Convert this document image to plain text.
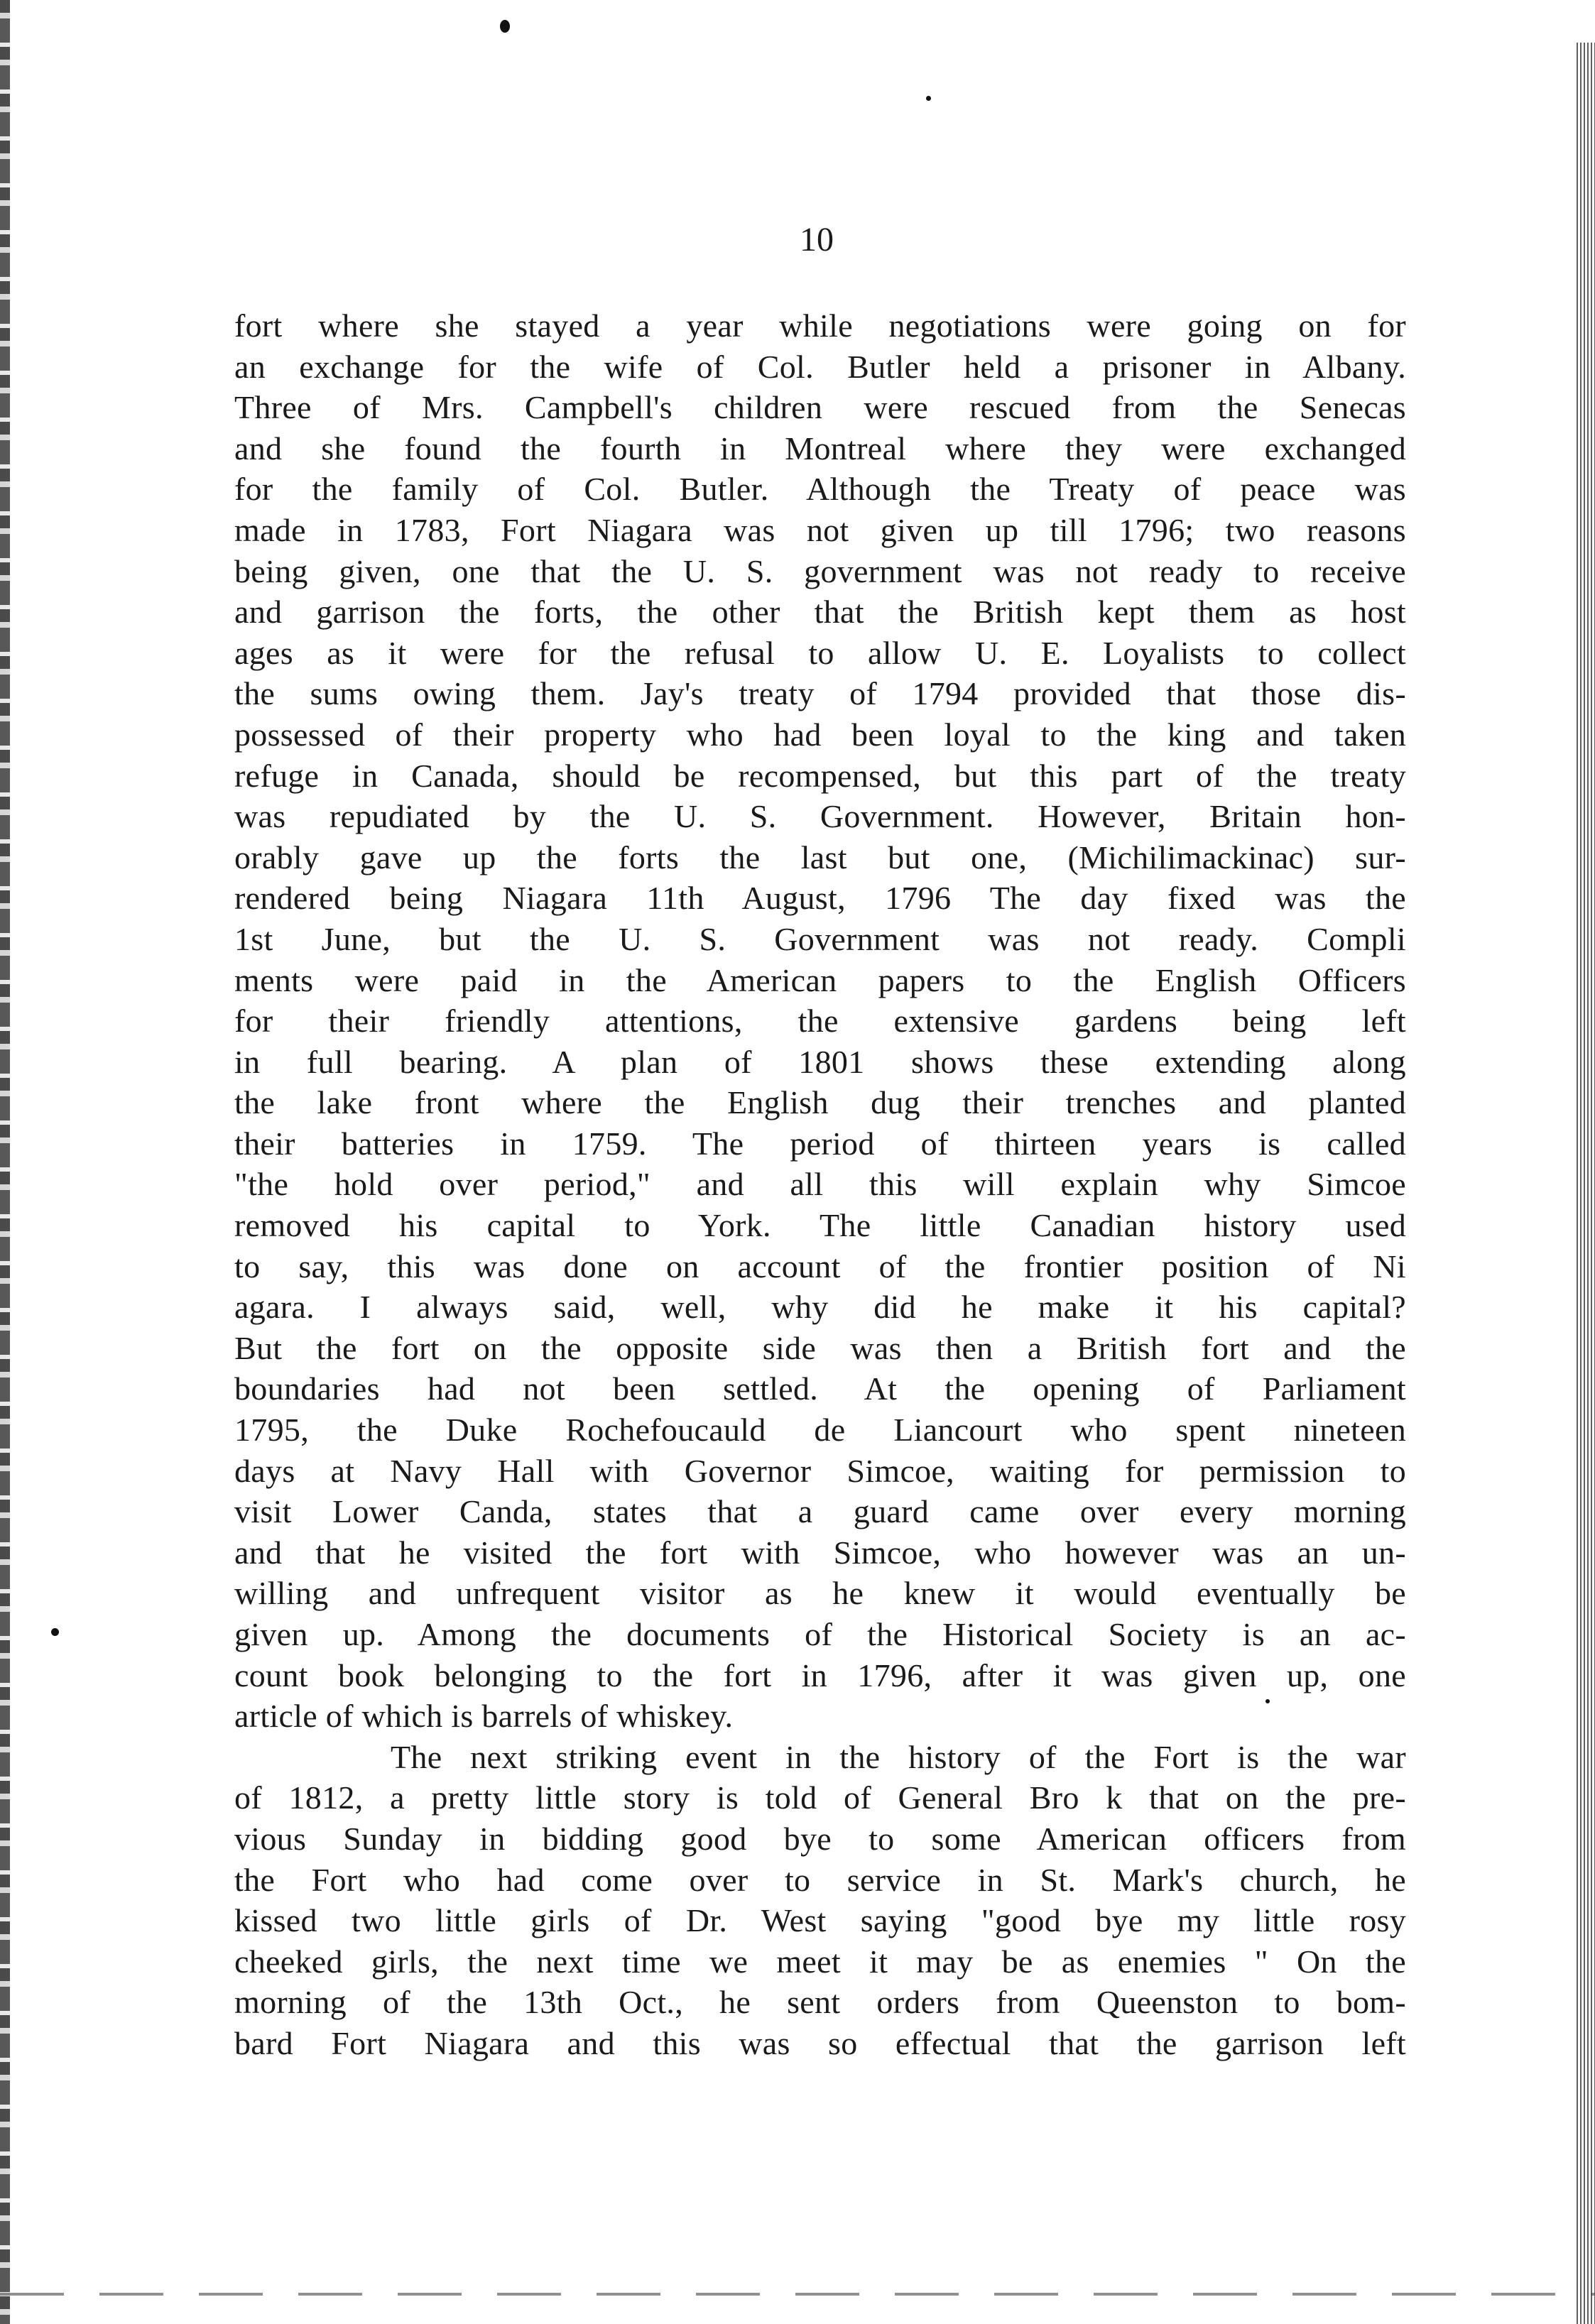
10
fort where she stayed a year while negotiations were going on for
an exchange for the wife of Col. Butler held a prisoner in Albany.
Three of Mrs. Campbell's children were rescued from the Senecas
and she found the fourth in Montreal where they were exchanged
for the family of Col. Butler. Although the Treaty of peace was
made in 1783, Fort Niagara was not given up till 1796; two reasons
being given, one that the U. S. government was not ready to receive
and garrison the forts, the other that the British kept them as host
ages as it were for the refusal to allow U. E. Loyalists to collect
the sums owing them. Jay's treaty of 1794 provided that those dis-
possessed of their property who had been loyal to the king and taken
refuge in Canada, should be recompensed, but this part of the treaty
was repudiated by the U. S. Government. However, Britain hon-
orably gave up the forts the last but one, (Michilimackinac) sur-
rendered being Niagara 11th August, 1796 The day fixed was the
1st June, but the U. S. Government was not ready. Compli
ments were paid in the American papers to the English Officers
for their friendly attentions, the extensive gardens being left
in full bearing. A plan of 1801 shows these extending along
the lake front where the English dug their trenches and planted
their batteries in 1759. The period of thirteen years is called
"the hold over period," and all this will explain why Simcoe
removed his capital to York. The little Canadian history used
to say, this was done on account of the frontier position of Ni
agara. I always said, well, why did he make it his capital?
But the fort on the opposite side was then a British fort and the
boundaries had not been settled. At the opening of Parliament
1795, the Duke Rochefoucauld de Liancourt who spent nineteen
days at Navy Hall with Governor Simcoe, waiting for permission to
visit Lower Canda, states that a guard came over every morning
and that he visited the fort with Simcoe, who however was an un-
willing and unfrequent visitor as he knew it would eventually be
given up. Among the documents of the Historical Society is an ac-
count book belonging to the fort in 1796, after it was given up, one
article of which is barrels of whiskey.
The next striking event in the history of the Fort is the war
of 1812, a pretty little story is told of General Bro k that on the pre-
vious Sunday in bidding good bye to some American officers from
the Fort who had come over to service in St. Mark's church, he
kissed two little girls of Dr. West saying "good bye my little rosy
cheeked girls, the next time we meet it may be as enemies " On the
morning of the 13th Oct., he sent orders from Queenston to bom-
bard Fort Niagara and this was so effectual that the garrison left
